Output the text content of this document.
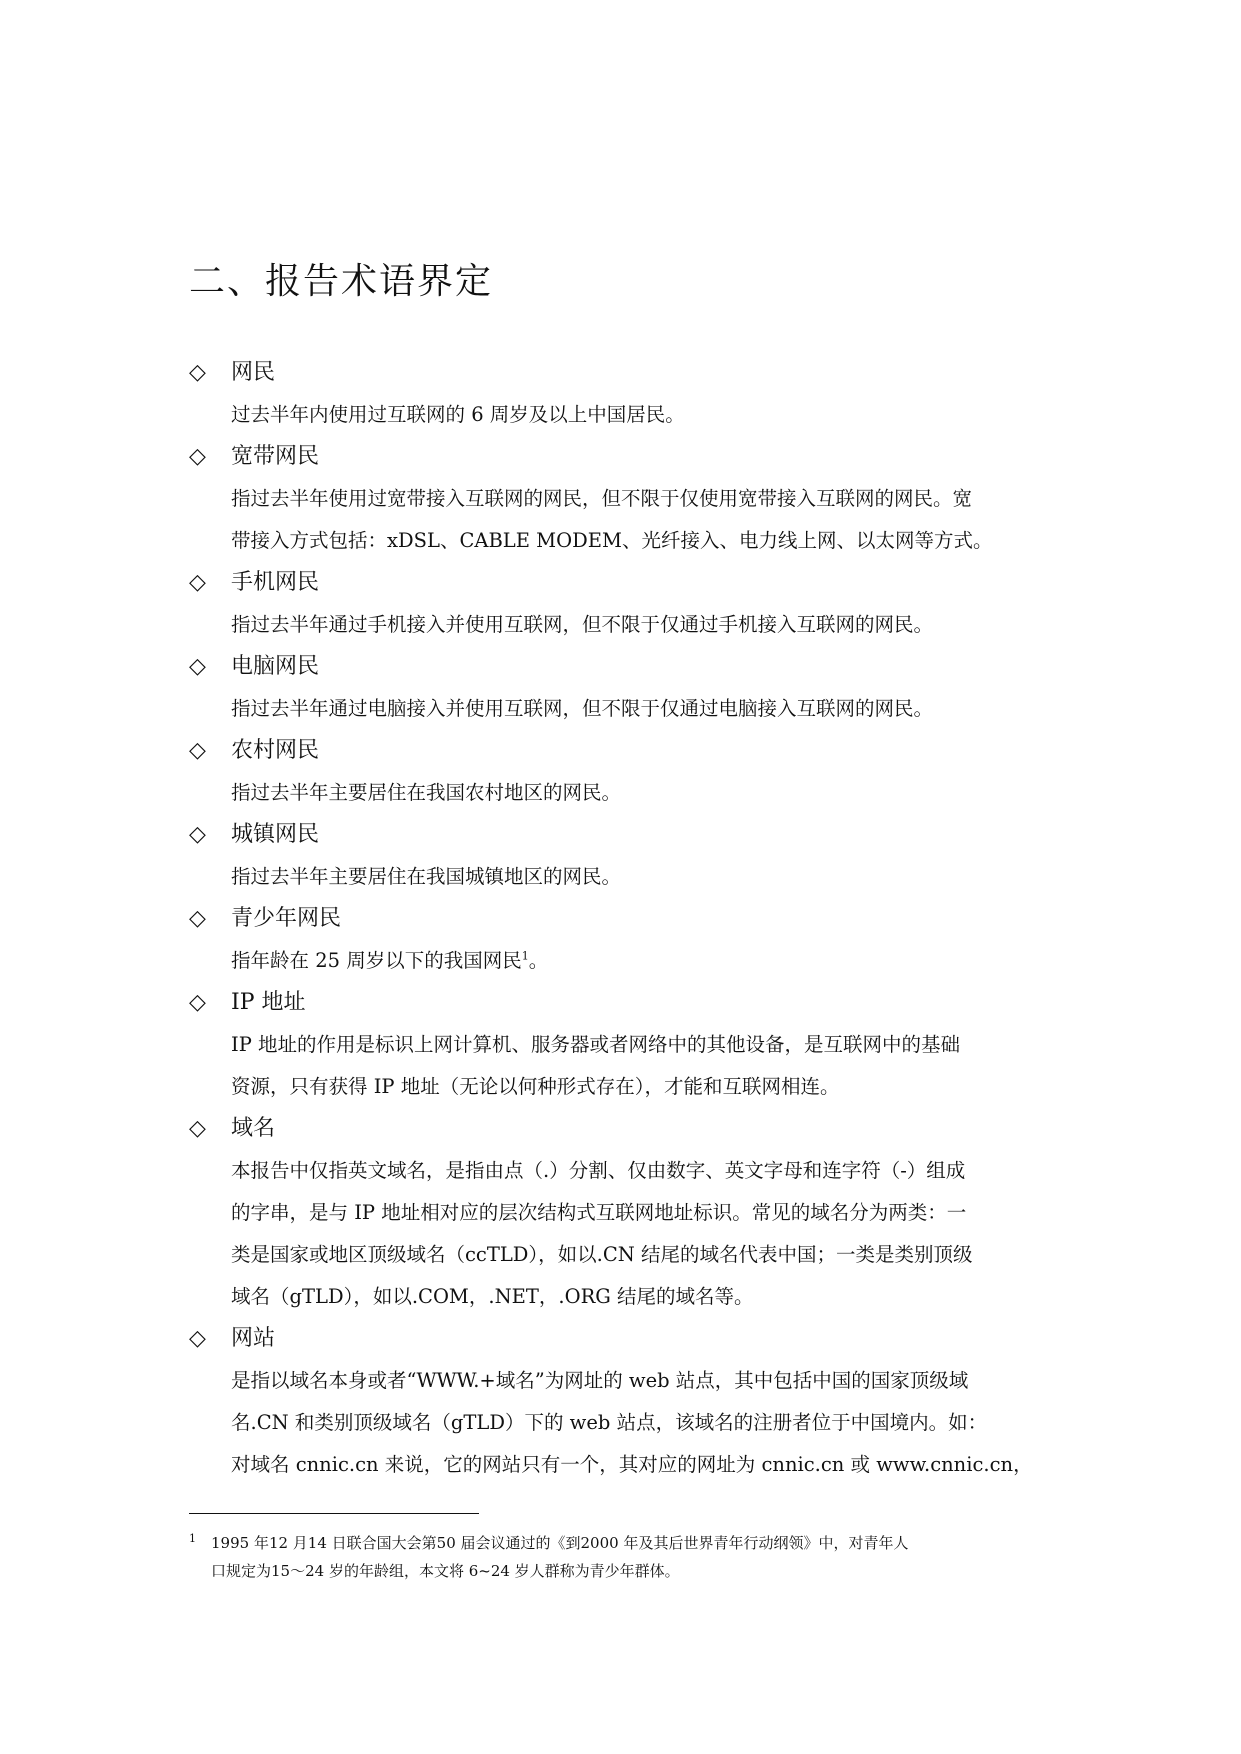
二、报告术语界定
◇	网民
过去半年内使用过互联网的 6 周岁及以上中国居民。
◇	宽带网民
指过去半年使用过宽带接入互联网的网民，但不限于仅使用宽带接入互联网的网民。宽
带接入方式包括：xDSL、CABLE MODEM、光纤接入、电力线上网、以太网等方式。
◇	手机网民
指过去半年通过手机接入并使用互联网，但不限于仅通过手机接入互联网的网民。
◇	电脑网民
指过去半年通过电脑接入并使用互联网，但不限于仅通过电脑接入互联网的网民。
◇	农村网民
指过去半年主要居住在我国农村地区的网民。
◇	城镇网民
指过去半年主要居住在我国城镇地区的网民。
◇	青少年网民
指年龄在 25 周岁以下的我国网民$^1$。
◇	IP 地址
IP 地址的作用是标识上网计算机、服务器或者网络中的其他设备，是互联网中的基础
资源，只有获得 IP 地址（无论以何种形式存在），才能和互联网相连。
◇	域名
本报告中仅指英文域名，是指由点（.）分割、仅由数字、英文字母和连字符（-）组成
的字串，是与 IP 地址相对应的层次结构式互联网地址标识。常见的域名分为两类：一
类是国家或地区顶级域名（ccTLD），如以.CN 结尾的域名代表中国；一类是类别顶级
域名（gTLD），如以.COM，.NET，.ORG 结尾的域名等。
◇	网站
是指以域名本身或者“WWW.+域名”为网址的 web 站点，其中包括中国的国家顶级域
名.CN 和类别顶级域名（gTLD）下的 web 站点，该域名的注册者位于中国境内。如：
对域名 cnnic.cn 来说，它的网站只有一个，其对应的网址为 cnnic.cn 或 www.cnnic.cn，
1 1995 年12 月14 日联合国大会第50 届会议通过的《到2000 年及其后世界青年行动纲领》中，对青年人
口规定为15～24 岁的年龄组，本文将 6~24 岁人群称为青少年群体。
